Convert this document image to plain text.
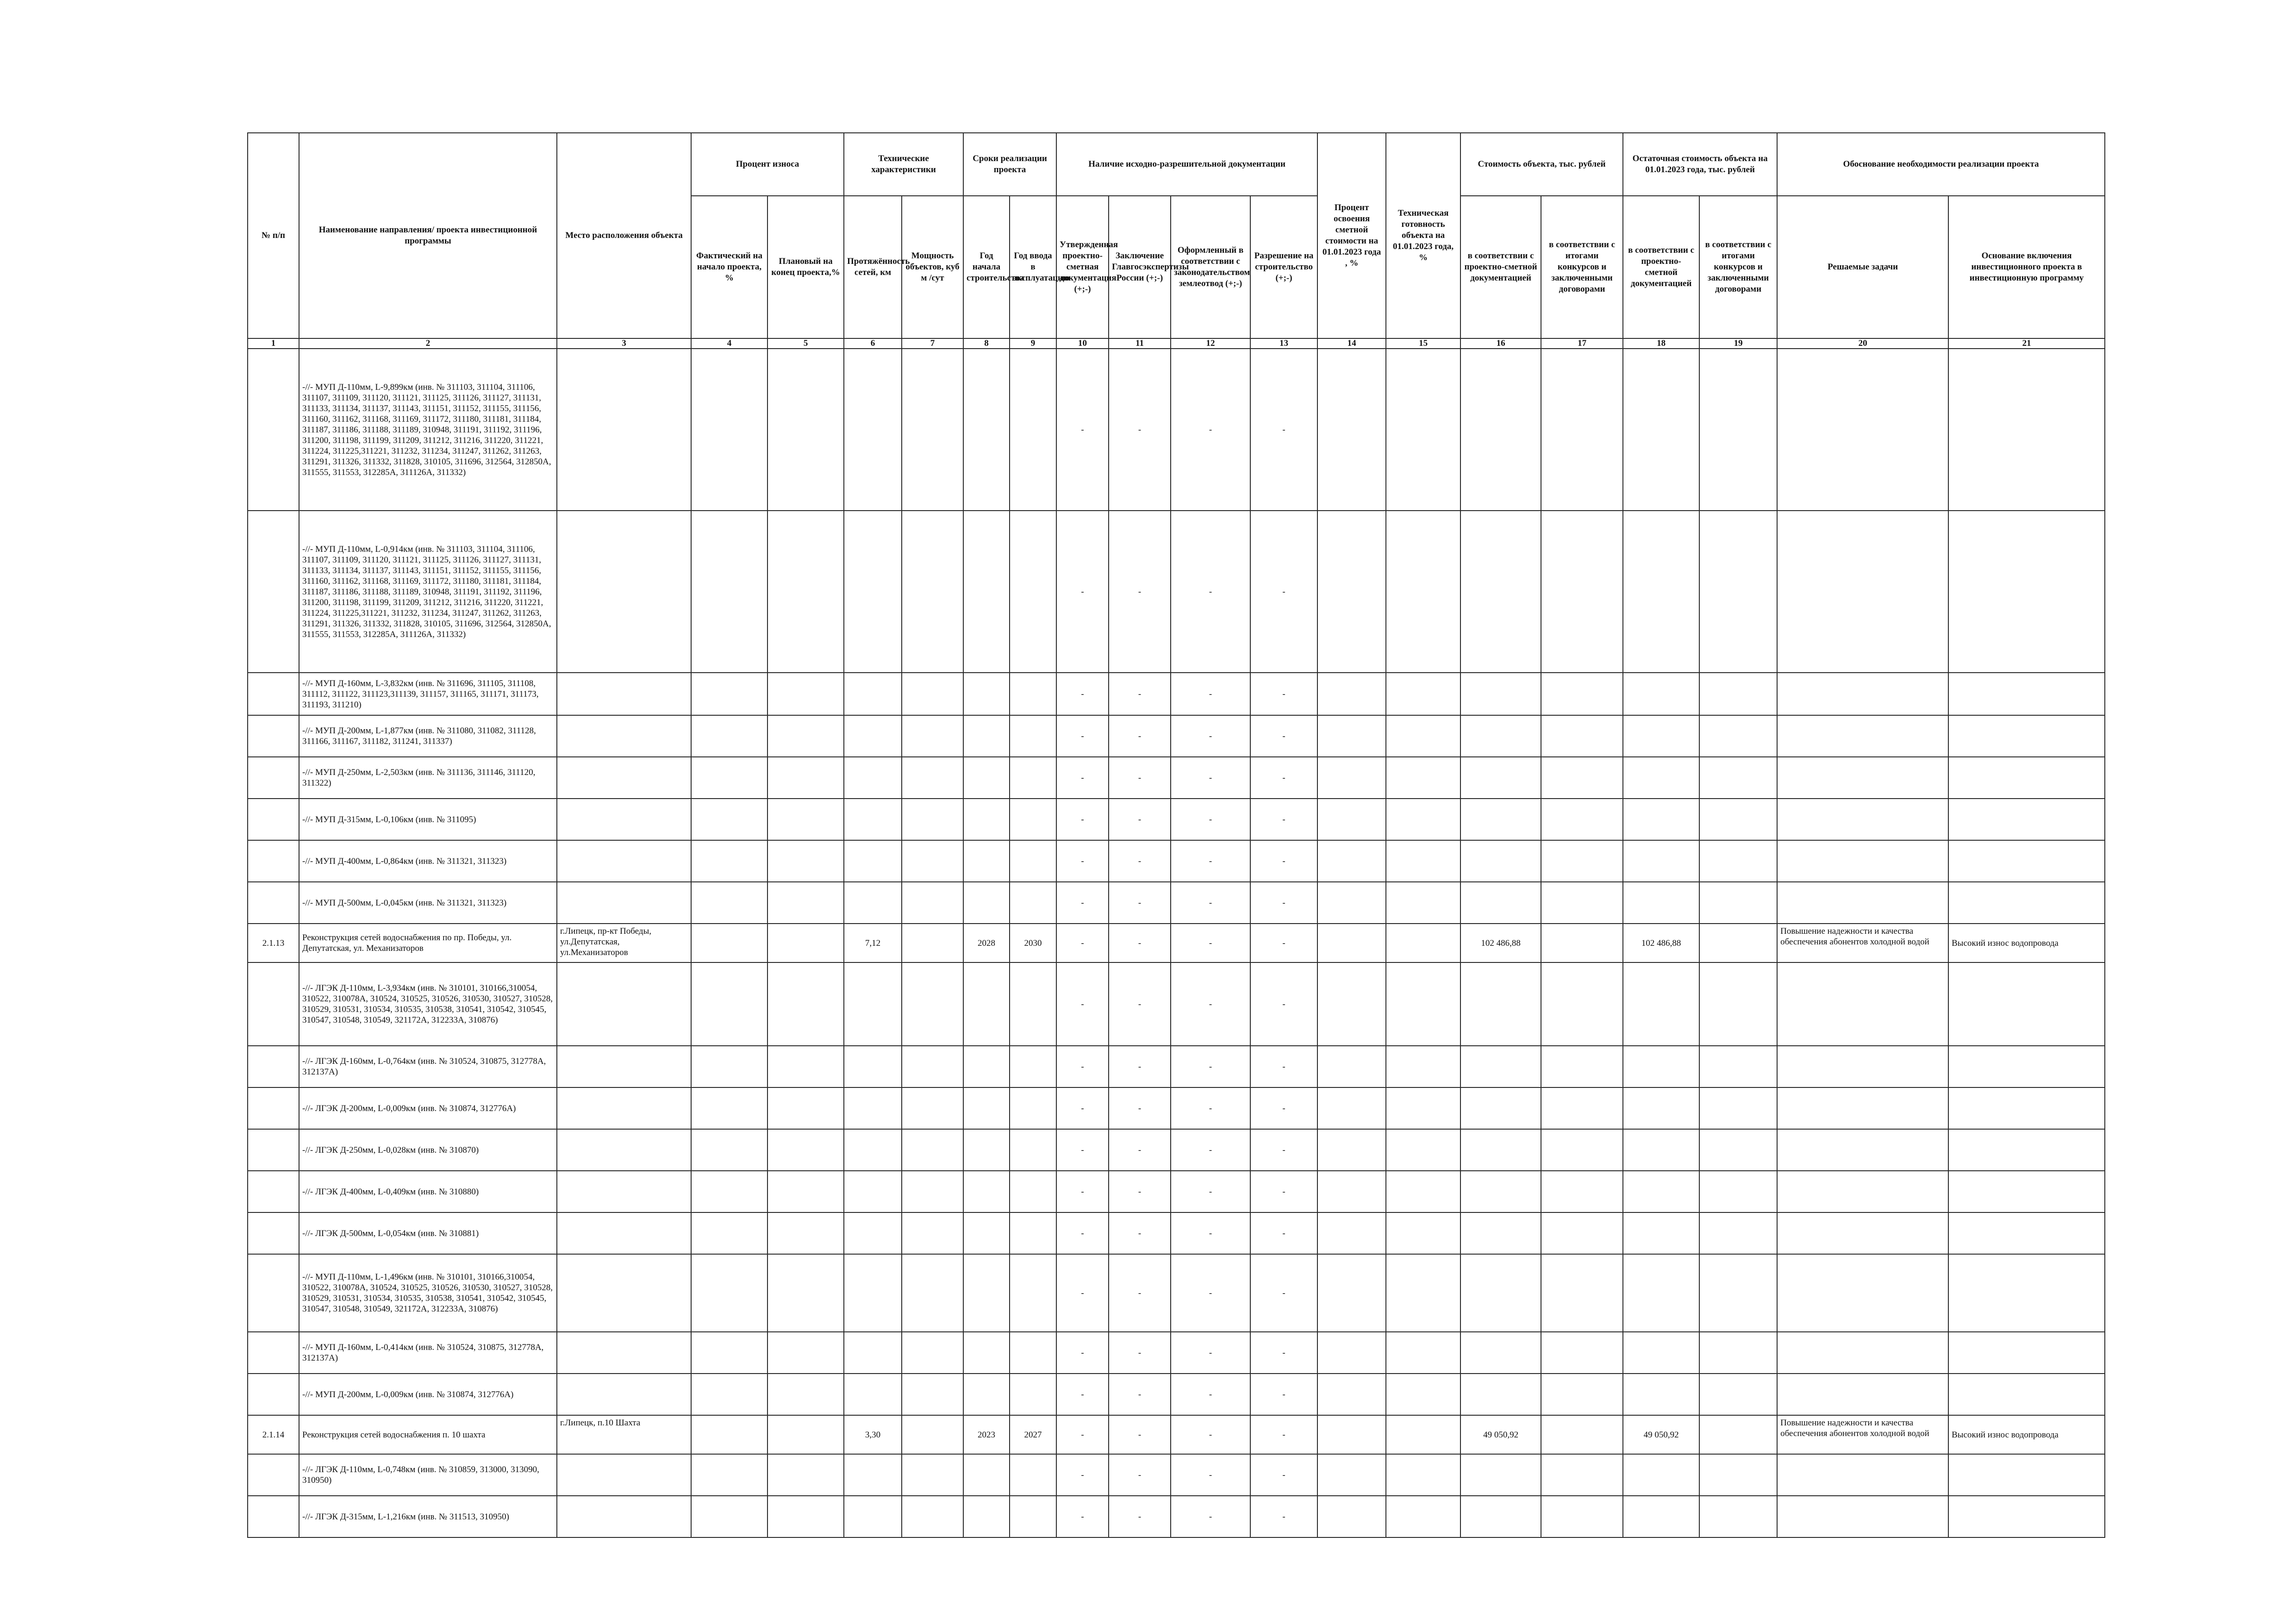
№ п/п	Наименование направления/ проекта инвестиционной программы	Место расположения объекта	Процент износа		Технические характеристики		Сроки реализации проекта		Наличие исходно-разрешительной документации				Процент освоения сметной стоимости на 01.01.2023 года , %	Техническая готовность объекта на 01.01.2023 года, %	Стоимость объекта, тыс. рублей		Остаточная стоимость объекта на 01.01.2023 года, тыс. рублей		Обоснование необходимости реализации проекта	
			Фактический на начало проекта, %	Плановый на конец проекта,%	Протяжённость сетей, км	Мощность объектов, куб м /сут	Год начала строительства	Год ввода в эксплуатацию	Утвержденная проектно-сметная документация (+;-)	Заключение Главгосэкспертизы России (+;-)	Оформленный в соответствии с законодательством землеотвод (+;-)	Разрешение на строительство (+;-)			в соответствии с проектно-сметной документацией	в соответствии с итогами конкурсов и заключенными договорами	в соответствии с проектно-сметной документацией	в соответствии с итогами конкурсов и заключенными договорами	Решаемые задачи	Основание включения инвестиционного проекта в инвестиционную программу
1	2	3	4	5	6	7	8	9	10	11	12	13	14	15	16	17	18	19	20	21
	-//- МУП Д-110мм, L-9,899км (инв. № 311103, 311104, 311106, 311107, 311109, 311120, 311121, 311125, 311126, 311127, 311131, 311133, 311134, 311137, 311143, 311151, 311152, 311155, 311156, 311160, 311162, 311168, 311169, 311172, 311180, 311181, 311184, 311187, 311186, 311188, 311189, 310948, 311191, 311192, 311196, 311200, 311198, 311199, 311209, 311212, 311216, 311220, 311221, 311224, 311225,311221, 311232, 311234, 311247, 311262, 311263, 311291, 311326, 311332, 311828, 310105, 311696, 312564, 312850А, 311555, 311553, 312285А, 311126А, 311332)								-	-	-	-								
	-//- МУП Д-110мм, L-0,914км (инв. № 311103, 311104, 311106, 311107, 311109, 311120, 311121, 311125, 311126, 311127, 311131, 311133, 311134, 311137, 311143, 311151, 311152, 311155, 311156, 311160, 311162, 311168, 311169, 311172, 311180, 311181, 311184, 311187, 311186, 311188, 311189, 310948, 311191, 311192, 311196, 311200, 311198, 311199, 311209, 311212, 311216, 311220, 311221, 311224, 311225,311221, 311232, 311234, 311247, 311262, 311263, 311291, 311326, 311332, 311828, 310105, 311696, 312564, 312850А, 311555, 311553, 312285А, 311126А, 311332)								-	-	-	-								
	-//- МУП Д-160мм, L-3,832км (инв. № 311696, 311105, 311108, 311112, 311122, 311123,311139, 311157, 311165, 311171, 311173, 311193, 311210)								-	-	-	-								
	-//- МУП Д-200мм, L-1,877км (инв. № 311080, 311082, 311128, 311166, 311167, 311182, 311241, 311337)								-	-	-	-								
	-//- МУП Д-250мм, L-2,503км (инв. № 311136, 311146, 311120, 311322)								-	-	-	-								
	-//- МУП Д-315мм, L-0,106км (инв. № 311095)								-	-	-	-								
	-//- МУП Д-400мм, L-0,864км (инв. № 311321, 311323)								-	-	-	-								
	-//- МУП Д-500мм, L-0,045км (инв. № 311321, 311323)								-	-	-	-								
2.1.13	Реконструкция сетей водоснабжения по пр. Победы, ул. Депутатская, ул. Механизаторов	г.Липецк, пр-кт Победы, ул.Депутатская, ул.Механизаторов			7,12		2028	2030	-	-	-	-			102 486,88		102 486,88		Повышение надежности и качества обеспечения абонентов холодной водой	Высокий износ водопровода
	-//- ЛГЭК Д-110мм, L-3,934км (инв. № 310101, 310166,310054, 310522, 310078А, 310524, 310525, 310526, 310530, 310527, 310528, 310529, 310531, 310534, 310535, 310538, 310541, 310542, 310545, 310547, 310548, 310549, 321172А, 312233А, 310876)								-	-	-	-								
	-//- ЛГЭК Д-160мм, L-0,764км (инв. № 310524, 310875, 312778А, 312137А)								-	-	-	-								
	-//- ЛГЭК Д-200мм, L-0,009км (инв. № 310874, 312776А)								-	-	-	-								
	-//- ЛГЭК Д-250мм, L-0,028км (инв. № 310870)								-	-	-	-								
	-//- ЛГЭК Д-400мм, L-0,409км (инв. № 310880)								-	-	-	-								
	-//- ЛГЭК Д-500мм, L-0,054км (инв. № 310881)								-	-	-	-								
	-//- МУП Д-110мм, L-1,496км (инв. № 310101, 310166,310054, 310522, 310078А, 310524, 310525, 310526, 310530, 310527, 310528, 310529, 310531, 310534, 310535, 310538, 310541, 310542, 310545, 310547, 310548, 310549, 321172А, 312233А, 310876)								-	-	-	-								
	-//- МУП Д-160мм, L-0,414км (инв. № 310524, 310875, 312778А, 312137А)								-	-	-	-								
	-//- МУП Д-200мм, L-0,009км (инв. № 310874, 312776А)								-	-	-	-								
2.1.14	Реконструкция сетей водоснабжения п. 10 шахта	г.Липецк, п.10 Шахта			3,30		2023	2027	-	-	-	-			49 050,92		49 050,92		Повышение надежности и качества обеспечения абонентов холодной водой	Высокий износ водопровода
	-//- ЛГЭК Д-110мм, L-0,748км (инв. № 310859, 313000, 313090, 310950)								-	-	-	-								
	-//- ЛГЭК Д-315мм, L-1,216км (инв. № 311513, 310950)								-	-	-	-								
